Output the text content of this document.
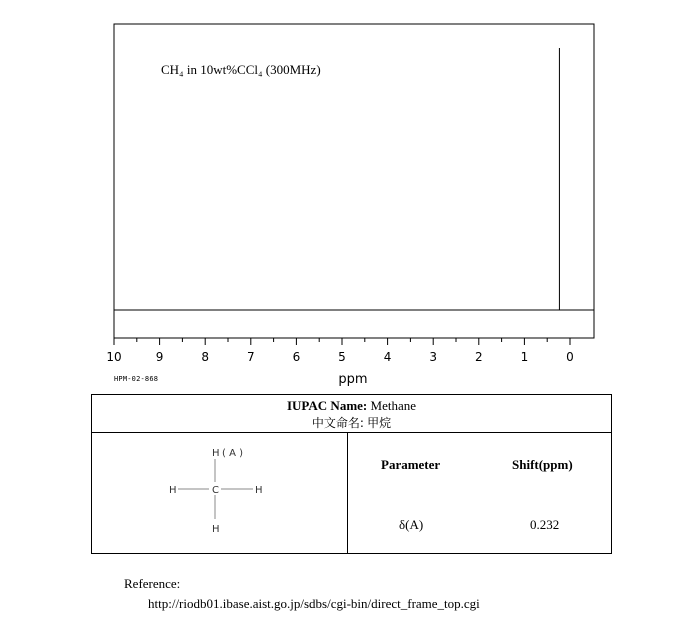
CH₄ in 10wt%CCl₄ (300MHz)
10	9	8	7	6	5	4	3	2	1	0
ppm
HPM-02-868
IUPAC Name: Methane
中文命名: 甲烷
H ( A )
C
H	H
H
Parameter	Shift(ppm)
δ(A)	0.232
Reference:
http://riodb01.ibase.aist.go.jp/sdbs/cgi-bin/direct_frame_top.cgi
